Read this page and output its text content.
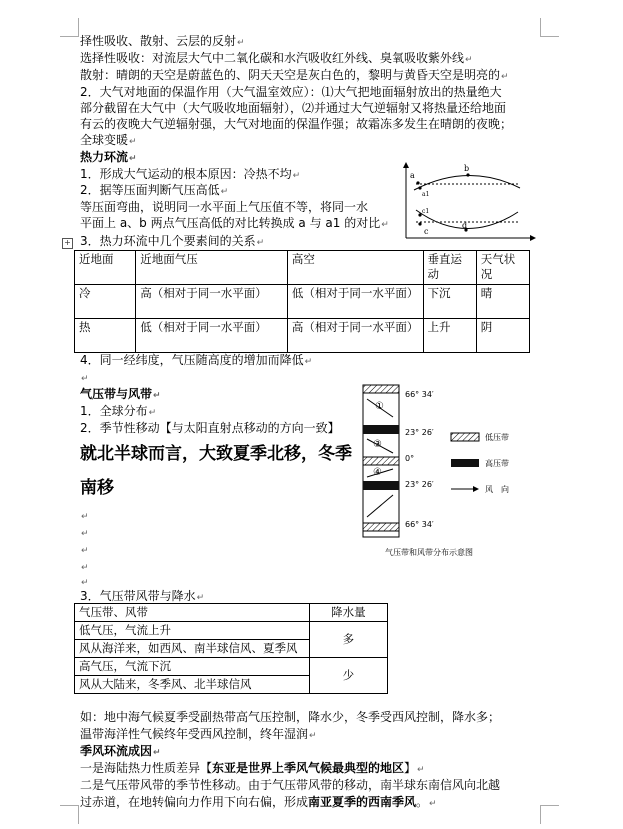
择性吸收、散射、云层的反射↵
选择性吸收：对流层大气中二氧化碳和水汽吸收红外线、臭氧吸收紫外线↵
散射：晴朗的天空是蔚蓝色的、阴天天空是灰白色的，黎明与黄昏天空是明亮的↵
2．大气对地面的保温作用（大气温室效应）：⑴大气把地面辐射放出的热量绝大
部分截留在大气中（大气吸收地面辐射），⑵并通过大气逆辐射又将热量还给地面
有云的夜晚大气逆辐射强，大气对地面的保温作强；故霜冻多发生在晴朗的夜晚；
全球变暖↵
热力环流↵
1．形成大气运动的根本原因：冷热不均↵
2．据等压面判断气压高低↵
等压面弯曲，说明同一水平面上气压值不等，将同一水
平面上 a、b 两点气压高低的对比转换成 a 与 a1 的对比↵
a
b
a1
c1
c
d
+ 3．热力环流中几个要素间的关系↵
近地面	近地面气压	高空	垂直运动	天气状况
冷	高（相对于同一水平面）	低（相对于同一水平面）	下沉	晴
热	低（相对于同一水平面）	高（相对于同一水平面）	上升	阴
4．同一经纬度，气压随高度的增加而降低↵
↵
气压带与风带↵
1．全球分布↵
2．季节性移动【与太阳直射点移动的方向一致】
就北半球而言，大致夏季北移，冬季
南移
↵
↵
↵
↵
↵
①
③
④
66° 34′
23° 26′
0°
23° 26′
66° 34′
低压带
高压带
风　向
气压带和风带分布示意图
3．气压带风带与降水↵
气压带、风带	降水量
低气压，气流上升	多
风从海洋来，如西风、南半球信风、夏季风	
高气压，气流下沉	少
风从大陆来，冬季风、北半球信风	
如：地中海气候夏季受副热带高气压控制，降水少，冬季受西风控制，降水多；
温带海洋性气候终年受西风控制，终年湿润↵
季风环流成因↵
一是海陆热力性质差异【东亚是世界上季风气候最典型的地区】↵
二是气压带风带的季节性移动。由于气压带风带的移动，南半球东南信风向北越
过赤道，在地转偏向力作用下向右偏，形成南亚夏季的西南季风。↵
